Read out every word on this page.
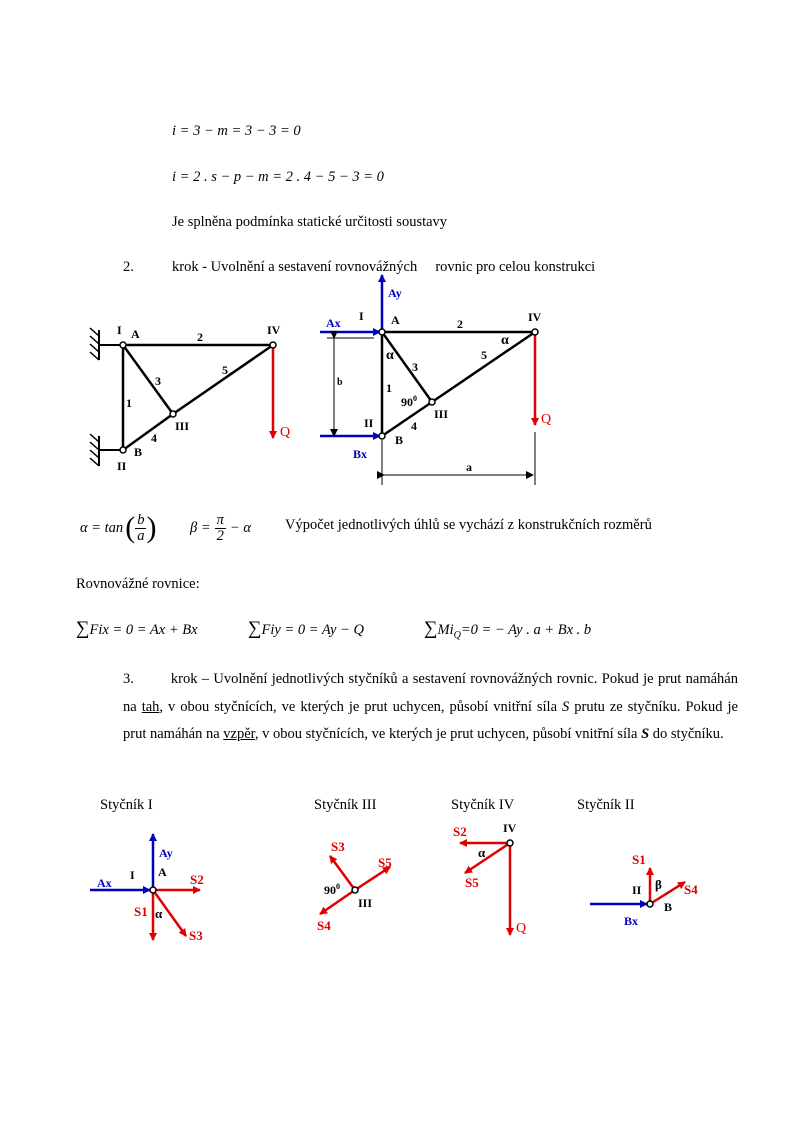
i = 3 − m = 3 − 3 = 0
i = 2 . s − p − m = 2 . 4 − 5 − 3 = 0
Je splněna podmínka statické určitosti soustavy
2.	krok - Uvolnění a sestavení rovnovážných     rovnic pro celou konstrukci
I A	IV
2
3
5
1
4
III
B
II
Q
Ay
Ax I A	2	IV
α
α
3
5
b	1
$90^0$
III
II	4
B
Bx
Q
a
Ay
Ax
I A S2
S1 α
S3
S3
S5
$90^0$
III
S4
S2	IV
α
S5
Q
S1
II β S4
B
Bx
α = tan ( $\frac{b}{a}$ ) $\beta = \frac{\pi}{2} - \alpha$ Výpočet jednotlivých úhlů se vychází z konstrukčních rozměrů
Rovnovážné rovnice:
∑Fix = 0 = Ax + Bx	∑Fiy = 0 = Ay − Q	$\sum Mi_Q=0$ = − Ay . a + Bx . b
3.	krok – Uvolnění jednotlivých styčníků a sestavení rovnovážných rovnic. Pokud je prut namáhán na tah, v obou styčnících, ve kterých je prut uchycen, působí vnitřní síla S prutu ze styčníku. Pokud je prut namáhán na vzpěr, v obou styčnících, ve kterých je prut uchycen, působí vnitřní síla S do styčníku.
Styčník I	Styčník III	Styčník IV	Styčník II
